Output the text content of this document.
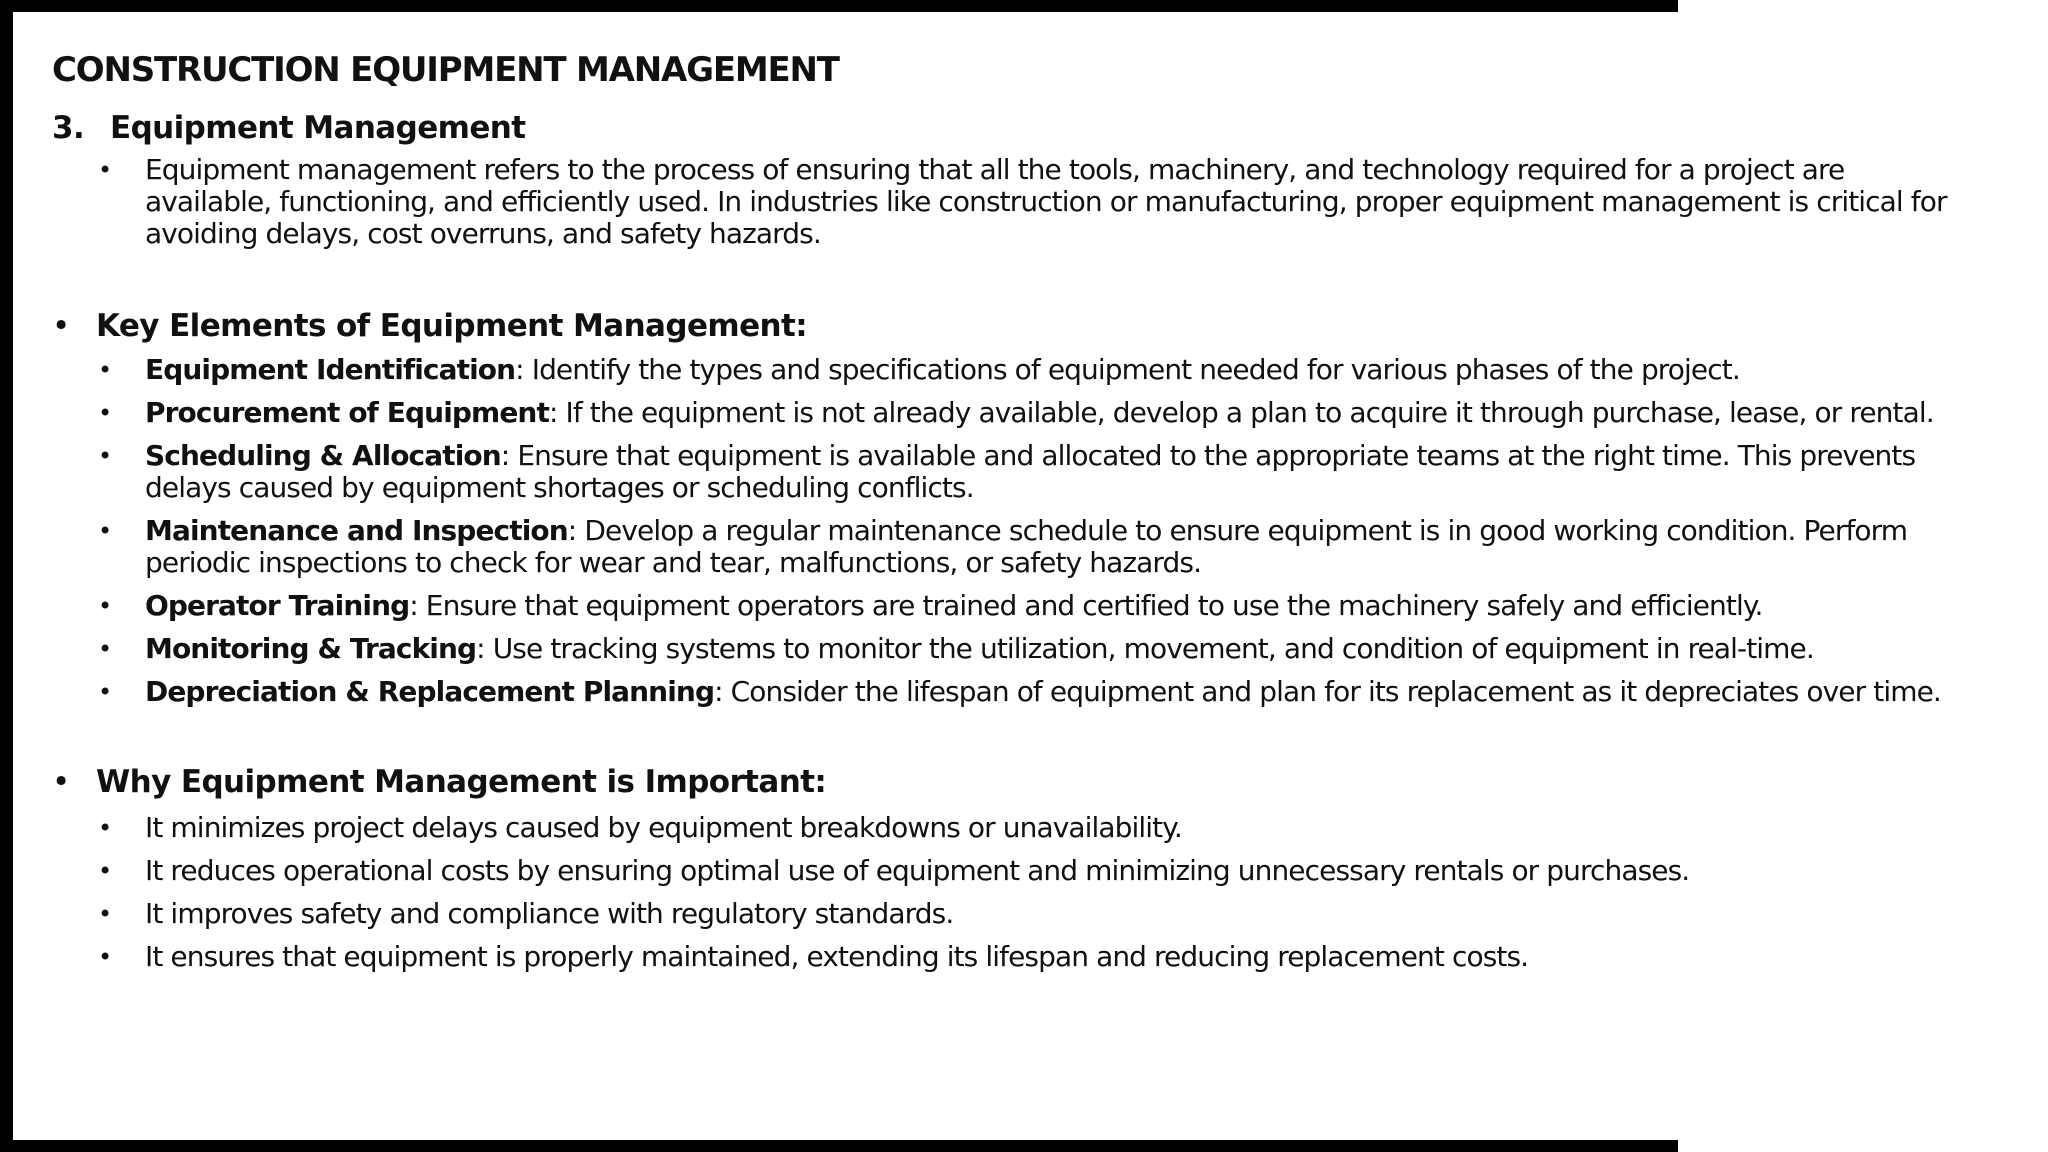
CONSTRUCTION EQUIPMENT MANAGEMENT
3. Equipment Management
•	Equipment management refers to the process of ensuring that all the tools, machinery, and technology required for a project are available, functioning, and efficiently used. In industries like construction or manufacturing, proper equipment management is critical for avoiding delays, cost overruns, and safety hazards.
• Key Elements of Equipment Management:
•	Equipment Identification: Identify the types and specifications of equipment needed for various phases of the project.
•	Procurement of Equipment: If the equipment is not already available, develop a plan to acquire it through purchase, lease, or rental.
•	Scheduling & Allocation: Ensure that equipment is available and allocated to the appropriate teams at the right time. This prevents delays caused by equipment shortages or scheduling conflicts.
•	Maintenance and Inspection: Develop a regular maintenance schedule to ensure equipment is in good working condition. Perform periodic inspections to check for wear and tear, malfunctions, or safety hazards.
•	Operator Training: Ensure that equipment operators are trained and certified to use the machinery safely and efficiently.
•	Monitoring & Tracking: Use tracking systems to monitor the utilization, movement, and condition of equipment in real-time.
•	Depreciation & Replacement Planning: Consider the lifespan of equipment and plan for its replacement as it depreciates over time.
• Why Equipment Management is Important:
•	It minimizes project delays caused by equipment breakdowns or unavailability.
•	It reduces operational costs by ensuring optimal use of equipment and minimizing unnecessary rentals or purchases.
•	It improves safety and compliance with regulatory standards.
•	It ensures that equipment is properly maintained, extending its lifespan and reducing replacement costs.
